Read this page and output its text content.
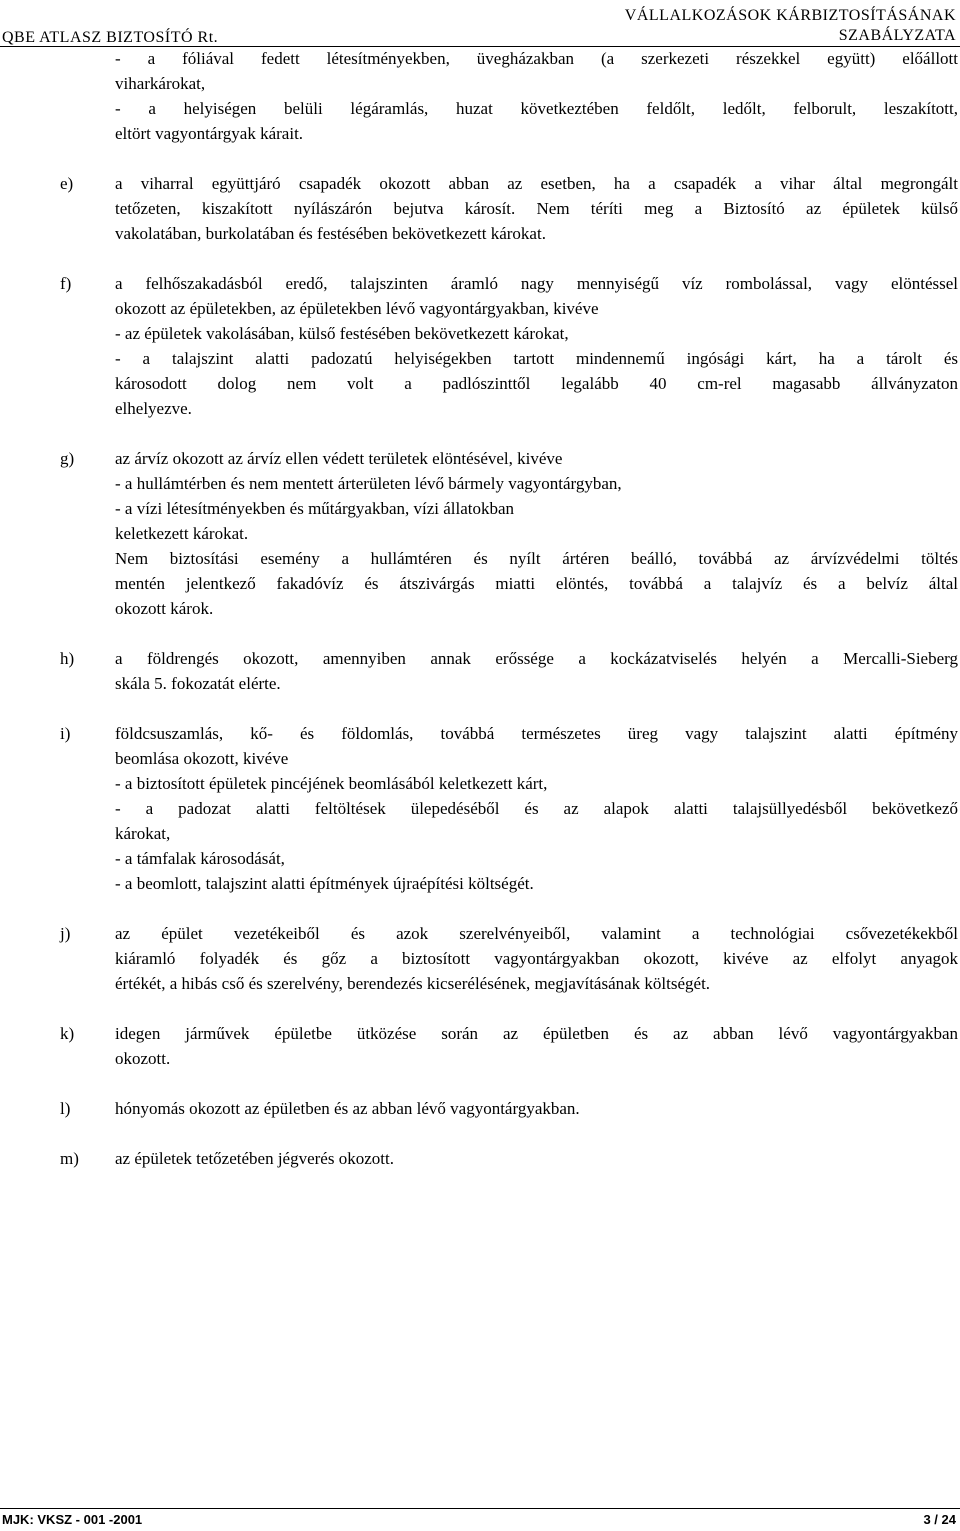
QBE ATLASZ BIZTOSÍTÓ Rt.
VÁLLALKOZÁSOK KÁRBIZTOSÍTÁSÁNAK
SZABÁLYZATA
- a fóliával fedett létesítményekben, üvegházakban (a szerkezeti részekkel együtt) előállott
viharkárokat,
- a helyiségen belüli légáramlás, huzat következtében feldőlt, ledőlt, felborult, leszakított,
eltört vagyontárgyak kárait.
e) a viharral együttjáró csapadék okozott abban az esetben, ha a csapadék a vihar által megrongált
tetőzeten, kiszakított nyílászárón bejutva károsít. Nem téríti meg a Biztosító az épületek külső
vakolatában, burkolatában és festésében bekövetkezett károkat.
f)	a felhőszakadásból eredő, talajszinten áramló nagy mennyiségű víz rombolással, vagy elöntéssel
okozott az épületekben, az épületekben lévő vagyontárgyakban, kivéve
- az épületek vakolásában, külső festésében bekövetkezett károkat,
- a talajszint alatti padozatú helyiségekben tartott mindennemű ingósági kárt, ha a tárolt és
károsodott dolog nem volt a padlószinttől legalább 40 cm-rel magasabb állványzaton
elhelyezve.
g) az árvíz okozott az árvíz ellen védett területek elöntésével, kivéve
- a hullámtérben és nem mentett árterületen lévő bármely vagyontárgyban,
- a vízi létesítményekben és műtárgyakban, vízi állatokban
keletkezett károkat.
Nem biztosítási esemény a hullámtéren és nyílt ártéren beálló, továbbá az árvízvédelmi töltés
mentén jelentkező fakadóvíz és átszivárgás miatti elöntés, továbbá a talajvíz és a belvíz által
okozott károk.
h) a földrengés okozott, amennyiben annak erőssége a kockázatviselés helyén a Mercalli-Sieberg
skála 5. fokozatát elérte.
i)	földcsuszamlás, kő- és földomlás, továbbá természetes üreg vagy talajszint alatti építmény
beomlása okozott, kivéve
- a biztosított épületek pincéjének beomlásából keletkezett kárt,
- a padozat alatti feltöltések ülepedéséből és az alapok alatti talajsüllyedésből bekövetkező
károkat,
- a támfalak károsodását,
- a beomlott, talajszint alatti építmények újraépítési költségét.
j)	az épület vezetékeiből és azok szerelvényeiből, valamint a technológiai csővezetékekből
kiáramló folyadék és gőz a biztosított vagyontárgyakban okozott, kivéve az elfolyt anyagok
értékét, a hibás cső és szerelvény, berendezés kicserélésének, megjavításának költségét.
k) idegen járművek épületbe ütközése során az épületben és az abban lévő vagyontárgyakban
okozott.
l)	hónyomás okozott az épületben és az abban lévő vagyontárgyakban.
m) az épületek tetőzetében jégverés okozott.
MJK: VKSZ - 001 -2001	3 / 24
